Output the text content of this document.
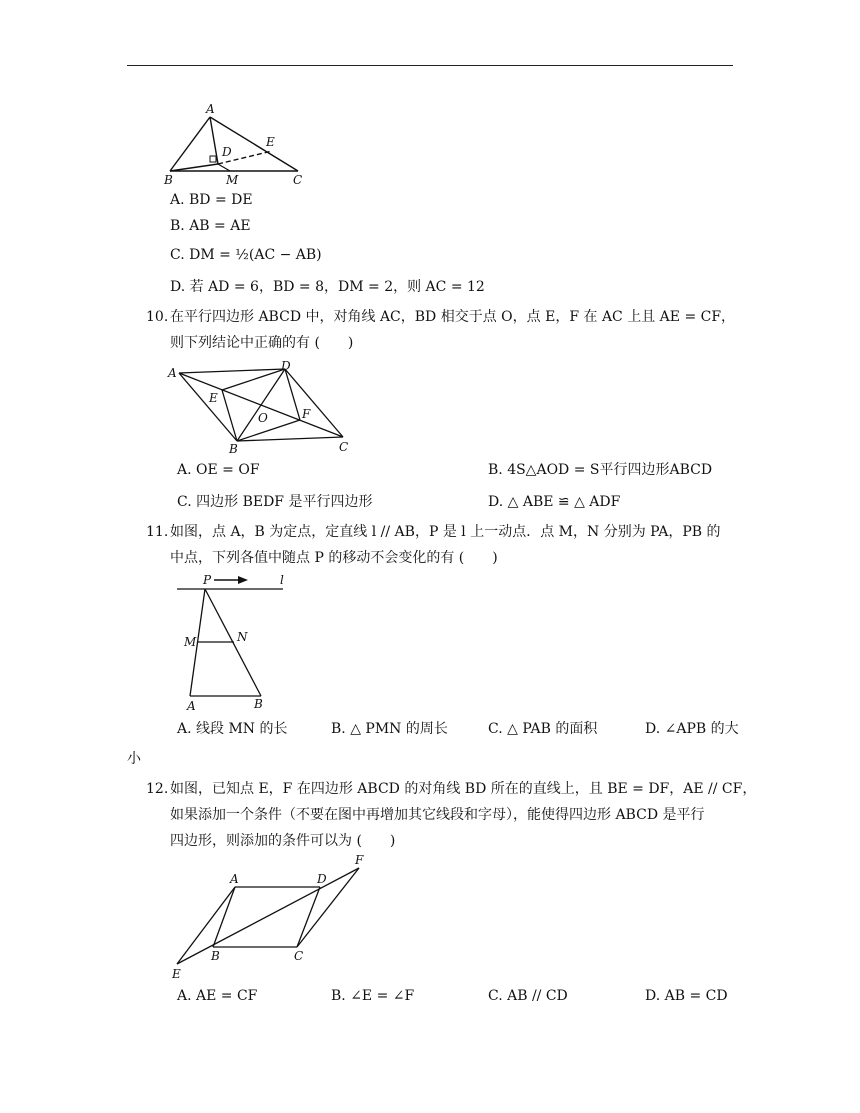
A
B	C
D
E
M
A. BD = DE
B. AB = AE
C. DM = ½(AC − AB)
D. 若 AD = 6，BD = 8，DM = 2，则 AC = 12
10. 在平行四边形 ABCD 中，对角线 AC，BD 相交于点 O，点 E，F 在 AC 上且 AE = CF，
则下列结论中正确的有 (　　)
A	D
E
O	F
B	C
A. OE = OF	B. 4S△AOD = S平行四边形ABCD
C. 四边形 BEDF 是平行四边形	D. △ ABE ≌ △ ADF
11. 如图，点 A，B 为定点，定直线 l // AB，P 是 l 上一动点．点 M，N 分别为 PA，PB 的
中点，下列各值中随点 P 的移动不会变化的有 (　　)
P	l
M	N
A	B
A. 线段 MN 的长	B. △ PMN 的周长	C. △ PAB 的面积	D. ∠APB 的大
小
12. 如图，已知点 E，F 在四边形 ABCD 的对角线 BD 所在的直线上，且 BE = DF，AE // CF，
如果添加一个条件（不要在图中再增加其它线段和字母），能使得四边形 ABCD 是平行
四边形，则添加的条件可以为 (　　)
A	D
F
B	C
E
A. AE = CF	B. ∠E = ∠F	C. AB // CD	D. AB = CD
